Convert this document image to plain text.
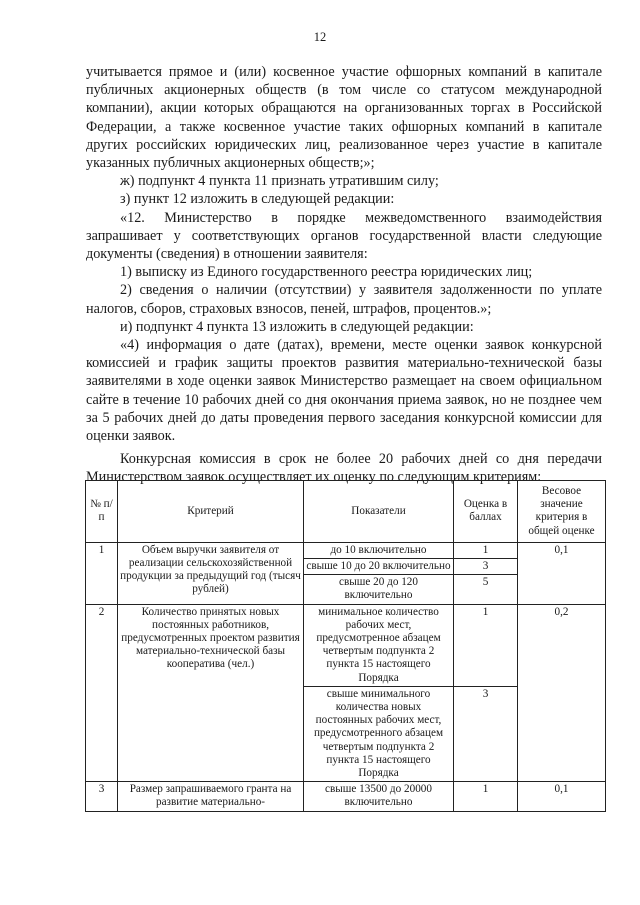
12

учитывается прямое и (или) косвенное участие офшорных компаний в капитале публичных акционерных обществ (в том числе со статусом международной компании), акции которых обращаются на организованных торгах в Российской Федерации, а также косвенное участие таких офшорных компаний в капитале других российских юридических лиц, реализованное через участие в капитале указанных публичных акционерных обществ;»;

ж) подпункт 4 пункта 11 признать утратившим силу;

з) пункт 12 изложить в следующей редакции:

«12. Министерство в порядке межведомственного взаимодействия запрашивает у соответствующих органов государственной власти следующие документы (сведения) в отношении заявителя:

1) выписку из Единого государственного реестра юридических лиц;

2) сведения о наличии (отсутствии) у заявителя задолженности по уплате налогов, сборов, страховых взносов, пеней, штрафов, процентов.»;

и) подпункт 4 пункта 13 изложить в следующей редакции:

«4) информация о дате (датах), времени, месте оценки заявок конкурсной комиссией и график защиты проектов развития материально-технической базы заявителями в ходе оценки заявок Министерство размещает на своем официальном сайте в течение 10 рабочих дней со дня окончания приема заявок, но не позднее чем за 5 рабочих дней до даты проведения первого заседания конкурсной комиссии для оценки заявок.

Конкурсная комиссия в срок не более 20 рабочих дней со дня передачи Министерством заявок осуществляет их оценку по следующим критериям:

№ п/п	Критерий	Показатели	Оценка в баллах	Весовое значение критерия в общей оценке
1	Объем выручки заявителя от реализации сельскохозяйственной продукции за предыдущий год (тысяч рублей)	до 10 включительно	1	0,1
		свыше 10 до 20 включительно	3	
		свыше 20 до 120 включительно	5	
2	Количество принятых новых постоянных работников, предусмотренных проектом развития материально-технической базы кооператива (чел.)	минимальное количество рабочих мест, предусмотренное абзацем четвертым подпункта 2 пункта 15 настоящего Порядка	1	0,2
		свыше минимального количества новых постоянных рабочих мест, предусмотренного абзацем четвертым подпункта 2 пункта 15 настоящего Порядка	3	
3	Размер запрашиваемого гранта на развитие материально-	свыше 13500 до 20000 включительно	1	0,1
